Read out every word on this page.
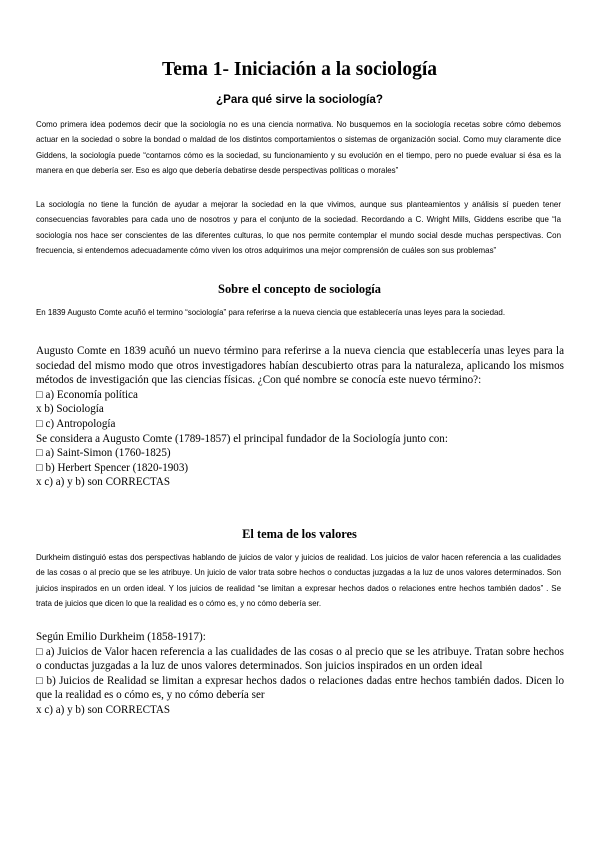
Tema 1- Iniciación a la sociología
¿Para qué sirve la sociología?

Como primera idea podemos decir que la sociología no es una ciencia normativa. No busquemos en la sociología recetas sobre cómo debemos actuar en la sociedad o sobre la bondad o maldad de los distintos comportamientos o sistemas de organización social. Como muy claramente dice Giddens, la sociología puede “contarnos cómo es la sociedad, su funcionamiento y su evolución en el tiempo, pero no puede evaluar si ésa es la manera en que debería ser. Eso es algo que debería debatirse desde perspectivas políticas o morales”

La sociología no tiene la función de ayudar a mejorar la sociedad en la que vivimos, aunque sus planteamientos y análisis sí pueden tener consecuencias favorables para cada uno de nosotros y para el conjunto de la sociedad. Recordando a C. Wright Mills, Giddens escribe que “la sociología nos hace ser conscientes de las diferentes culturas, lo que nos permite contemplar el mundo social desde muchas perspectivas. Con frecuencia, si entendemos adecuadamente cómo viven los otros adquirimos una mejor comprensión de cuáles son sus problemas”

Sobre el concepto de sociología

En 1839 Augusto Comte acuñó el termino “sociología” para referirse a la nueva ciencia que establecería unas leyes para la sociedad.

Augusto Comte en 1839 acuñó un nuevo término para referirse a la nueva ciencia que establecería unas leyes para la sociedad del mismo modo que otros investigadores habían descubierto otras para la naturaleza, aplicando los mismos métodos de investigación que las ciencias físicas. ¿Con qué nombre se conocía este nuevo término?:
□ a) Economía política
x b) Sociología
□ c) Antropología
Se considera a Augusto Comte (1789-1857) el principal fundador de la Sociología junto con:
□ a) Saint-Simon (1760-1825)
□ b) Herbert Spencer (1820-1903)
x c) a) y b) son CORRECTAS
El tema de los valores

Durkheim distinguió estas dos perspectivas hablando de juicios de valor y juicios de realidad. Los juicios de valor hacen referencia a las cualidades de las cosas o al precio que se les atribuye. Un juicio de valor trata sobre hechos o conductas juzgadas a la luz de unos valores determinados. Son juicios inspirados en un orden ideal. Y los juicios de realidad “se limitan a expresar hechos dados o relaciones entre hechos también dados” . Se trata de juicios que dicen lo que la realidad es o cómo es, y no cómo debería ser.

Según Emilio Durkheim (1858-1917):
□ a) Juicios de Valor hacen referencia a las cualidades de las cosas o al precio que se les atribuye. Tratan sobre hechos o conductas juzgadas a la luz de unos valores determinados. Son juicios inspirados en un orden ideal
□ b) Juicios de Realidad se limitan a expresar hechos dados o relaciones dadas entre hechos también dados. Dicen lo que la realidad es o cómo es, y no cómo debería ser
x c) a) y b) son CORRECTAS
